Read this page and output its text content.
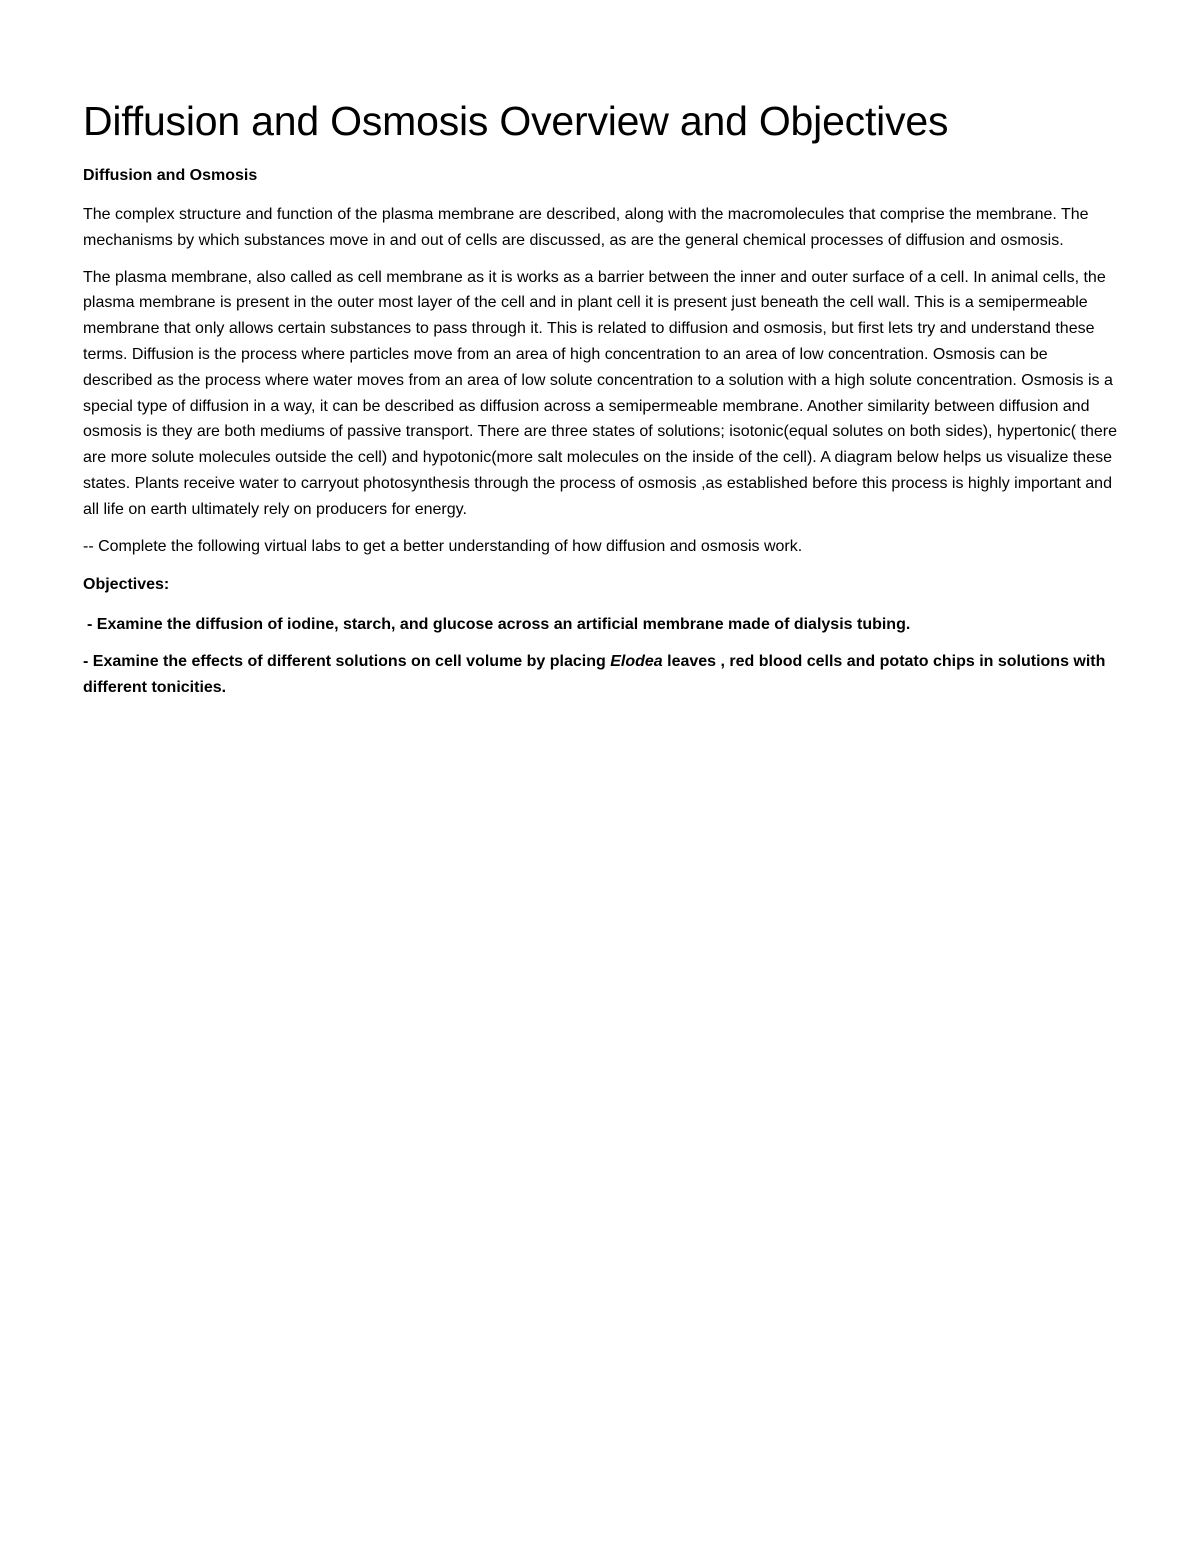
Diffusion and Osmosis Overview and Objectives
Diffusion and Osmosis

The complex structure and function of the plasma membrane are described, along with the macromolecules that comprise the membrane. The mechanisms by which substances move in and out of cells are discussed, as are the general chemical processes of diffusion and osmosis.

The plasma membrane, also called as cell membrane as it is works as a barrier between the inner and outer surface of a cell. In animal cells, the plasma membrane is present in the outer most layer of the cell and in plant cell it is present just beneath the cell wall. This is a semipermeable membrane that only allows certain substances to pass through it. This is related to diffusion and osmosis, but first lets try and understand these terms. Diffusion is the process where particles move from an area of high concentration to an area of low concentration. Osmosis can be described as the process where water moves from an area of low solute concentration to a solution with a high solute concentration. Osmosis is a special type of diffusion in a way, it can be described as diffusion across a semipermeable membrane. Another similarity between diffusion and osmosis is they are both mediums of passive transport. There are three states of solutions; isotonic(equal solutes on both sides), hypertonic( there are more solute molecules outside the cell) and hypotonic(more salt molecules on the inside of the cell). A diagram below helps us visualize these states. Plants receive water to carryout photosynthesis through the process of osmosis ,as established before this process is highly important and all life on earth ultimately rely on producers for energy.

-- Complete the following virtual labs to get a better understanding of how diffusion and osmosis work.

Objectives:
- Examine the diffusion of iodine, starch, and glucose across an artificial membrane made of dialysis tubing.
- Examine the effects of different solutions on cell volume by placing Elodea leaves , red blood cells and potato chips in solutions with different tonicities.
